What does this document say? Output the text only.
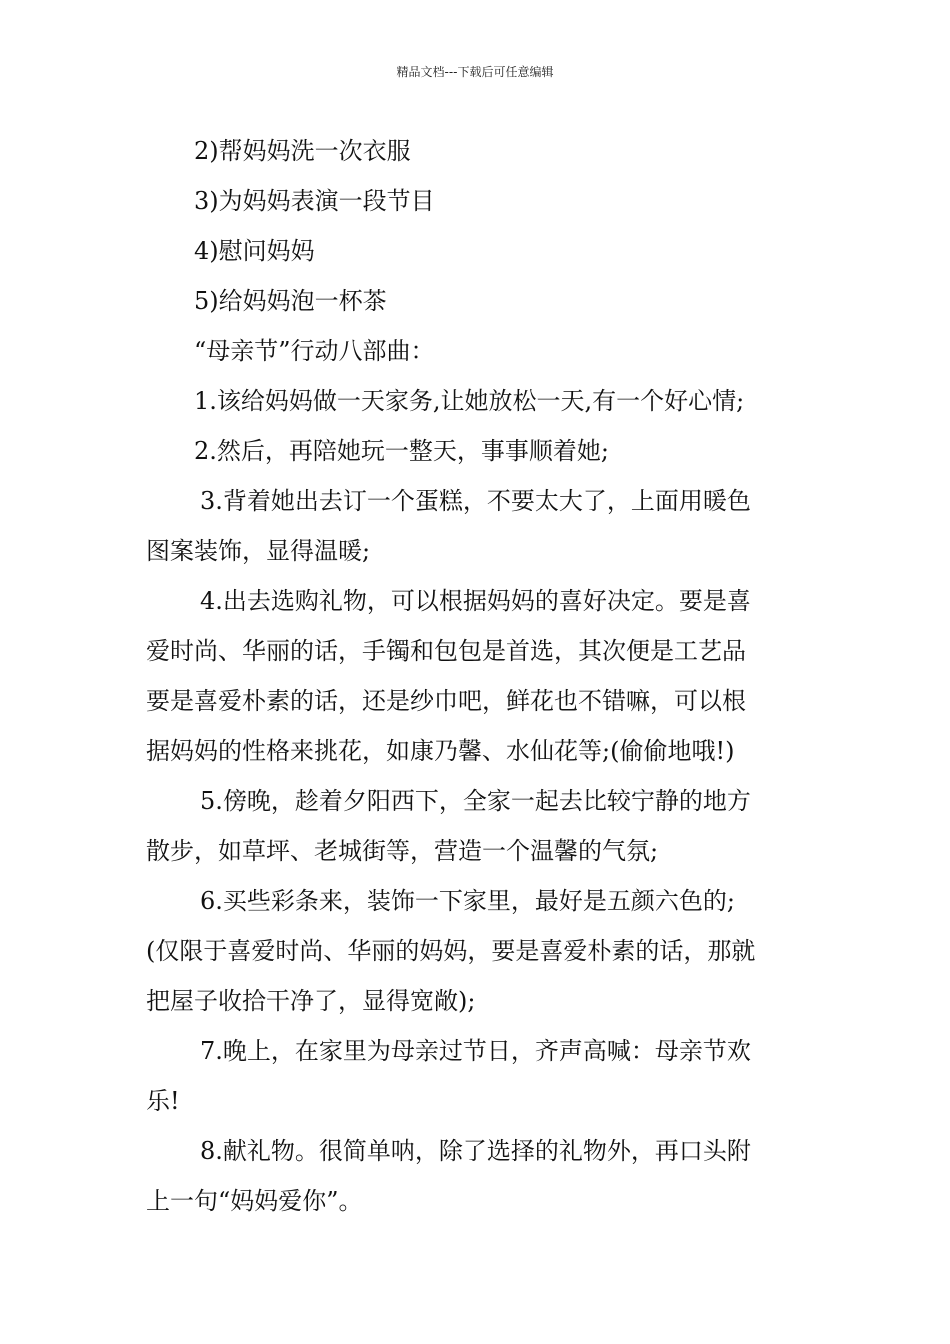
精品文档---下载后可任意编辑
2)帮妈妈洗一次衣服
3)为妈妈表演一段节目
4)慰问妈妈
5)给妈妈泡一杯茶
“母亲节”行动八部曲：
1.该给妈妈做一天家务,让她放松一天,有一个好心情;
2.然后，再陪她玩一整天，事事顺着她;
3.背着她出去订一个蛋糕，不要太大了，上面用暖色
图案装饰，显得温暖;
4.出去选购礼物，可以根据妈妈的喜好决定。要是喜
爱时尚、华丽的话，手镯和包包是首选，其次便是工艺品
要是喜爱朴素的话，还是纱巾吧，鲜花也不错嘛，可以根
据妈妈的性格来挑花，如康乃馨、水仙花等;(偷偷地哦!)
5.傍晚，趁着夕阳西下，全家一起去比较宁静的地方
散步，如草坪、老城街等，营造一个温馨的气氛;
6.买些彩条来，装饰一下家里，最好是五颜六色的;
(仅限于喜爱时尚、华丽的妈妈，要是喜爱朴素的话，那就
把屋子收拾干净了，显得宽敞);
7.晚上，在家里为母亲过节日，齐声高喊：母亲节欢
乐!
8.献礼物。很简单呐，除了选择的礼物外，再口头附
上一句“妈妈爱你”。
